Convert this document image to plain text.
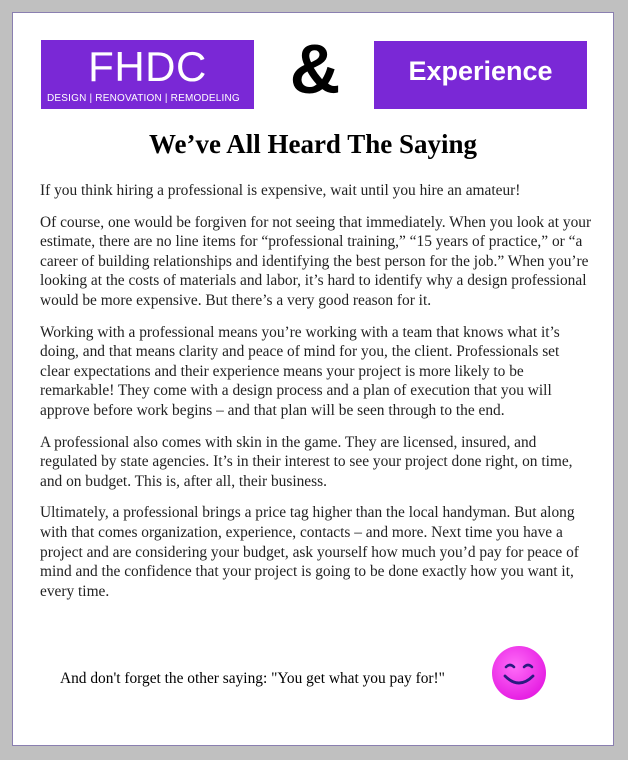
FHDC
DESIGN | RENOVATION | REMODELING &	Experience
We’ve All Heard The Saying

If you think hiring a professional is expensive, wait until you hire an amateur!

Of course, one would be forgiven for not seeing that immediately. When you look at your estimate, there are no line items for “professional training,” “15 years of practice,” or “a career of building relationships and identifying the best person for the job.” When you’re looking at the costs of materials and labor, it’s hard to identify why a design professional would be more expensive. But there’s a very good reason for it.

Working with a professional means you’re working with a team that knows what it’s doing, and that means clarity and peace of mind for you, the client. Professionals set clear expectations and their experience means your project is more likely to be remarkable! They come with a design process and a plan of execution that you will approve before work begins – and that plan will be seen through to the end.

A professional also comes with skin in the game. They are licensed, insured, and regulated by state agencies. It’s in their interest to see your project done right, on time, and on budget. This is, after all, their business.

Ultimately, a professional brings a price tag higher than the local handyman. But along with that comes organization, experience, contacts – and more. Next time you have a project and are considering your budget, ask yourself how much you’d pay for peace of mind and the confidence that your project is going to be done exactly how you want it, every time.

And don't forget the other saying: "You get what you pay for!"
